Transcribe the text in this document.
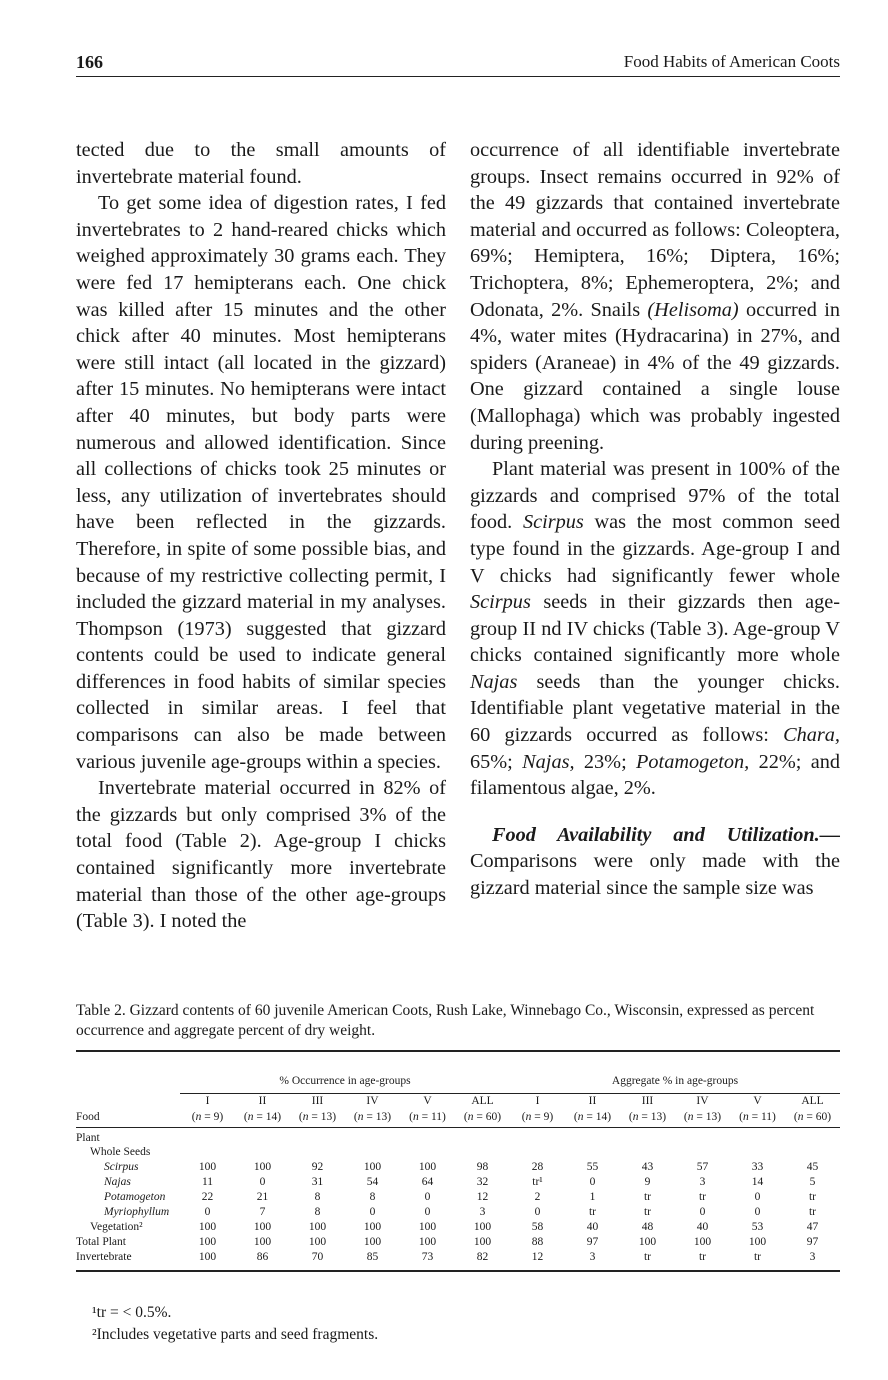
166	Food Habits of American Coots

tected due to the small amounts of invertebrate material found.

To get some idea of digestion rates, I fed invertebrates to 2 hand-reared chicks which weighed approximately 30 grams each. They were fed 17 hemipterans each. One chick was killed after 15 minutes and the other chick after 40 minutes. Most hemipterans were still intact (all located in the gizzard) after 15 minutes. No hemipterans were intact after 40 minutes, but body parts were numerous and allowed identification. Since all collections of chicks took 25 minutes or less, any utilization of invertebrates should have been reflected in the gizzards. Therefore, in spite of some possible bias, and because of my restrictive collecting permit, I included the gizzard material in my analyses. Thompson (1973) suggested that gizzard contents could be used to indicate general differences in food habits of similar species collected in similar areas. I feel that comparisons can also be made between various juvenile age-groups within a species.

Invertebrate material occurred in 82% of the gizzards but only comprised 3% of the total food (Table 2). Age-group I chicks contained significantly more invertebrate material than those of the other age-groups (Table 3). I noted the

occurrence of all identifiable invertebrate groups. Insect remains occurred in 92% of the 49 gizzards that contained invertebrate material and occurred as follows: Coleoptera, 69%; Hemiptera, 16%; Diptera, 16%; Trichoptera, 8%; Ephemeroptera, 2%; and Odonata, 2%. Snails (Helisoma) occurred in 4%, water mites (Hydracarina) in 27%, and spiders (Araneae) in 4% of the 49 gizzards. One gizzard contained a single louse (Mallophaga) which was probably ingested during preening.

Plant material was present in 100% of the gizzards and comprised 97% of the total food. Scirpus was the most common seed type found in the gizzards. Age-group I and V chicks had significantly fewer whole Scirpus seeds in their gizzards then age-group II nd IV chicks (Table 3). Age-group V chicks contained significantly more whole Najas seeds than the younger chicks. Identifiable plant vegetative material in the 60 gizzards occurred as follows: Chara, 65%; Najas, 23%; Potamogeton, 22%; and filamentous algae, 2%.

Food Availability and Utilization.— Comparisons were only made with the gizzard material since the sample size was

Table 2. Gizzard contents of 60 juvenile American Coots, Rush Lake, Winnebago Co., Wisconsin, expressed as percent occurrence and aggregate percent of dry weight.

	% Occurrence in age-groups						Aggregate % in age-groups					
	I	II	III	IV	V	ALL	I	II	III	IV	V	ALL
Food	(n = 9)	(n = 14)	(n = 13)	(n = 13)	(n = 11)	(n = 60)	(n = 9)	(n = 14)	(n = 13)	(n = 13)	(n = 11)	(n = 60)
Plant												
Whole Seeds												
Scirpus	100	100	92	100	100	98	28	55	43	57	33	45
Najas	11	0	31	54	64	32	tr¹	0	9	3	14	5
Potamogeton	22	21	8	8	0	12	2	1	tr	tr	0	tr
Myriophyllum	0	7	8	0	0	3	0	tr	tr	0	0	tr
Vegetation²	100	100	100	100	100	100	58	40	48	40	53	47
Total Plant	100	100	100	100	100	100	88	97	100	100	100	97
Invertebrate	100	86	70	85	73	82	12	3	tr	tr	tr	3

¹tr = < 0.5%.
²Includes vegetative parts and seed fragments.
